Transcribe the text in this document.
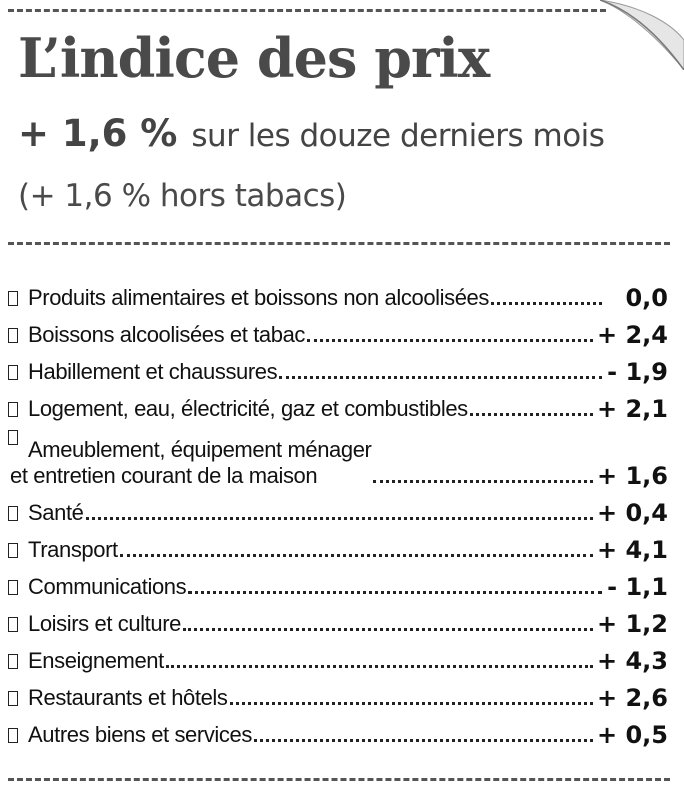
L’indice des prix
+ 1,6 % sur les douze derniers mois
(+ 1,6 % hors tabacs)
Produits alimentaires et boissons non alcoolisées	0,0
Boissons alcoolisées et tabac	+ 2,4
Habillement et chaussures	- 1,9
Logement, eau, électricité, gaz et combustibles	+ 2,1
Ameublement, équipement ménager
et entretien courant de la maison	+ 1,6
Santé	+ 0,4
Transport	+ 4,1
Communications	- 1,1
Loisirs et culture	+ 1,2
Enseignement	+ 4,3
Restaurants et hôtels	+ 2,6
Autres biens et services	+ 0,5
